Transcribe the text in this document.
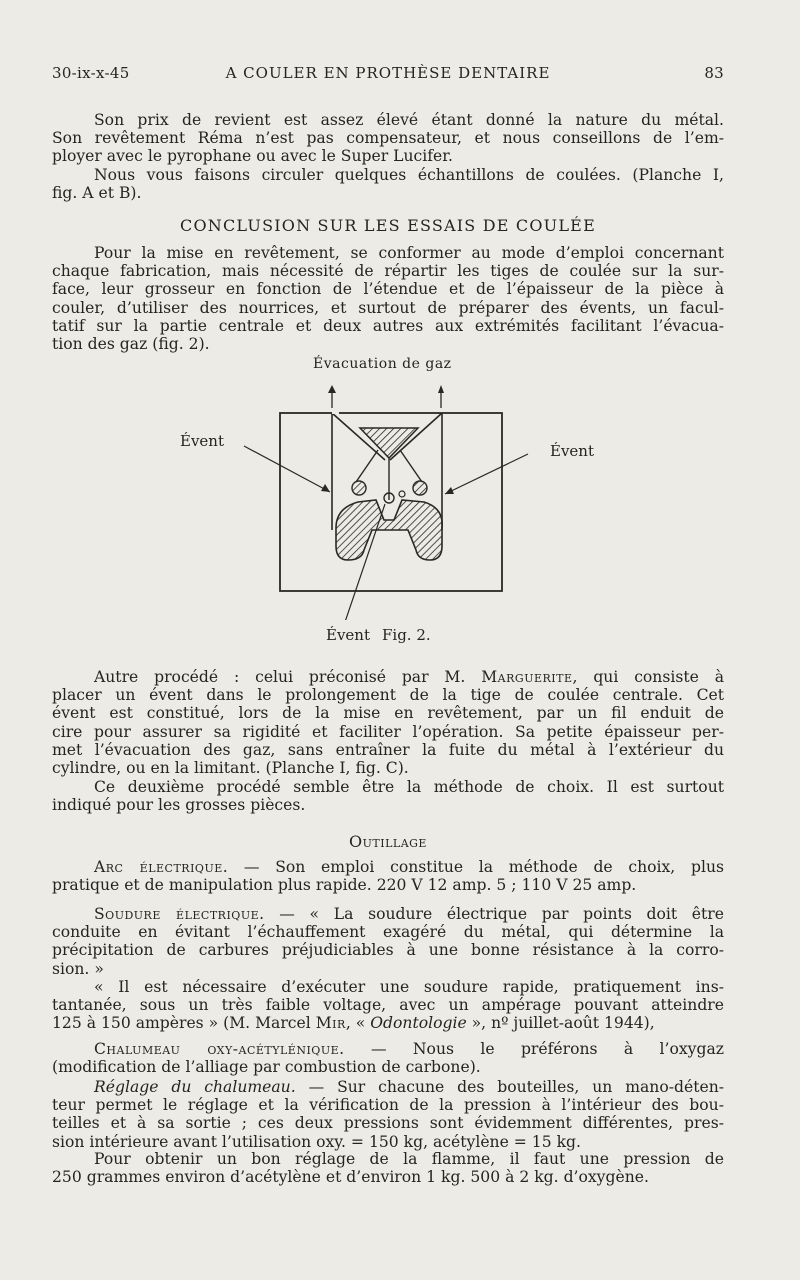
30-ix-x-45	A COULER EN PROTHÈSE DENTAIRE	83
Son prix de revient est assez élevé étant donné la nature du métal.
Son revêtement Réma n’est pas compensateur, et nous conseillons de l’em-
ployer avec le pyrophane ou avec le Super Lucifer.
Nous vous faisons circuler quelques échantillons de coulées. (Planche I,
fig. A et B).
CONCLUSION SUR LES ESSAIS DE COULÉE
Pour la mise en revêtement, se conformer au mode d’emploi concernant
chaque fabrication, mais nécessité de répartir les tiges de coulée sur la sur-
face, leur grosseur en fonction de l’étendue et de l’épaisseur de la pièce à
couler, d’utiliser des nourrices, et surtout de préparer des évents, un facul-
tatif sur la partie centrale et deux autres aux extrémités facilitant l’évacua-
tion des gaz (fig. 2).
Évacuation de gaz
Évent
Évent
Évent Fig. 2.
Autre procédé : celui préconisé par M. Marguerite, qui consiste à
placer un évent dans le prolongement de la tige de coulée centrale. Cet
évent est constitué, lors de la mise en revêtement, par un fil enduit de
cire pour assurer sa rigidité et faciliter l’opération. Sa petite épaisseur per-
met l’évacuation des gaz, sans entraîner la fuite du métal à l’extérieur du
cylindre, ou en la limitant. (Planche I, fig. C).
Ce deuxième procédé semble être la méthode de choix. Il est surtout
indiqué pour les grosses pièces.
Outillage
Arc électrique. — Son emploi constitue la méthode de choix, plus
pratique et de manipulation plus rapide. 220 V 12 amp. 5 ; 110 V 25 amp.
Soudure électrique. — « La soudure électrique par points doit être
conduite en évitant l’échauffement exagéré du métal, qui détermine la
précipitation de carbures préjudiciables à une bonne résistance à la corro-
sion. »
« Il est nécessaire d’exécuter une soudure rapide, pratiquement ins-
tantanée, sous un très faible voltage, avec un ampérage pouvant atteindre
125 à 150 ampères » (M. Marcel Mir, « Odontologie », nº juillet-août 1944),
Chalumeau oxy-acétylénique. — Nous le préférons à l’oxygaz
(modification de l’alliage par combustion de carbone).
Réglage du chalumeau. — Sur chacune des bouteilles, un mano-déten-
teur permet le réglage et la vérification de la pression à l’intérieur des bou-
teilles et à sa sortie ; ces deux pressions sont évidemment différentes, pres-
sion intérieure avant l’utilisation oxy. = 150 kg, acétylène = 15 kg.
Pour obtenir un bon réglage de la flamme, il faut une pression de
250 grammes environ d’acétylène et d’environ 1 kg. 500 à 2 kg. d’oxygène.
